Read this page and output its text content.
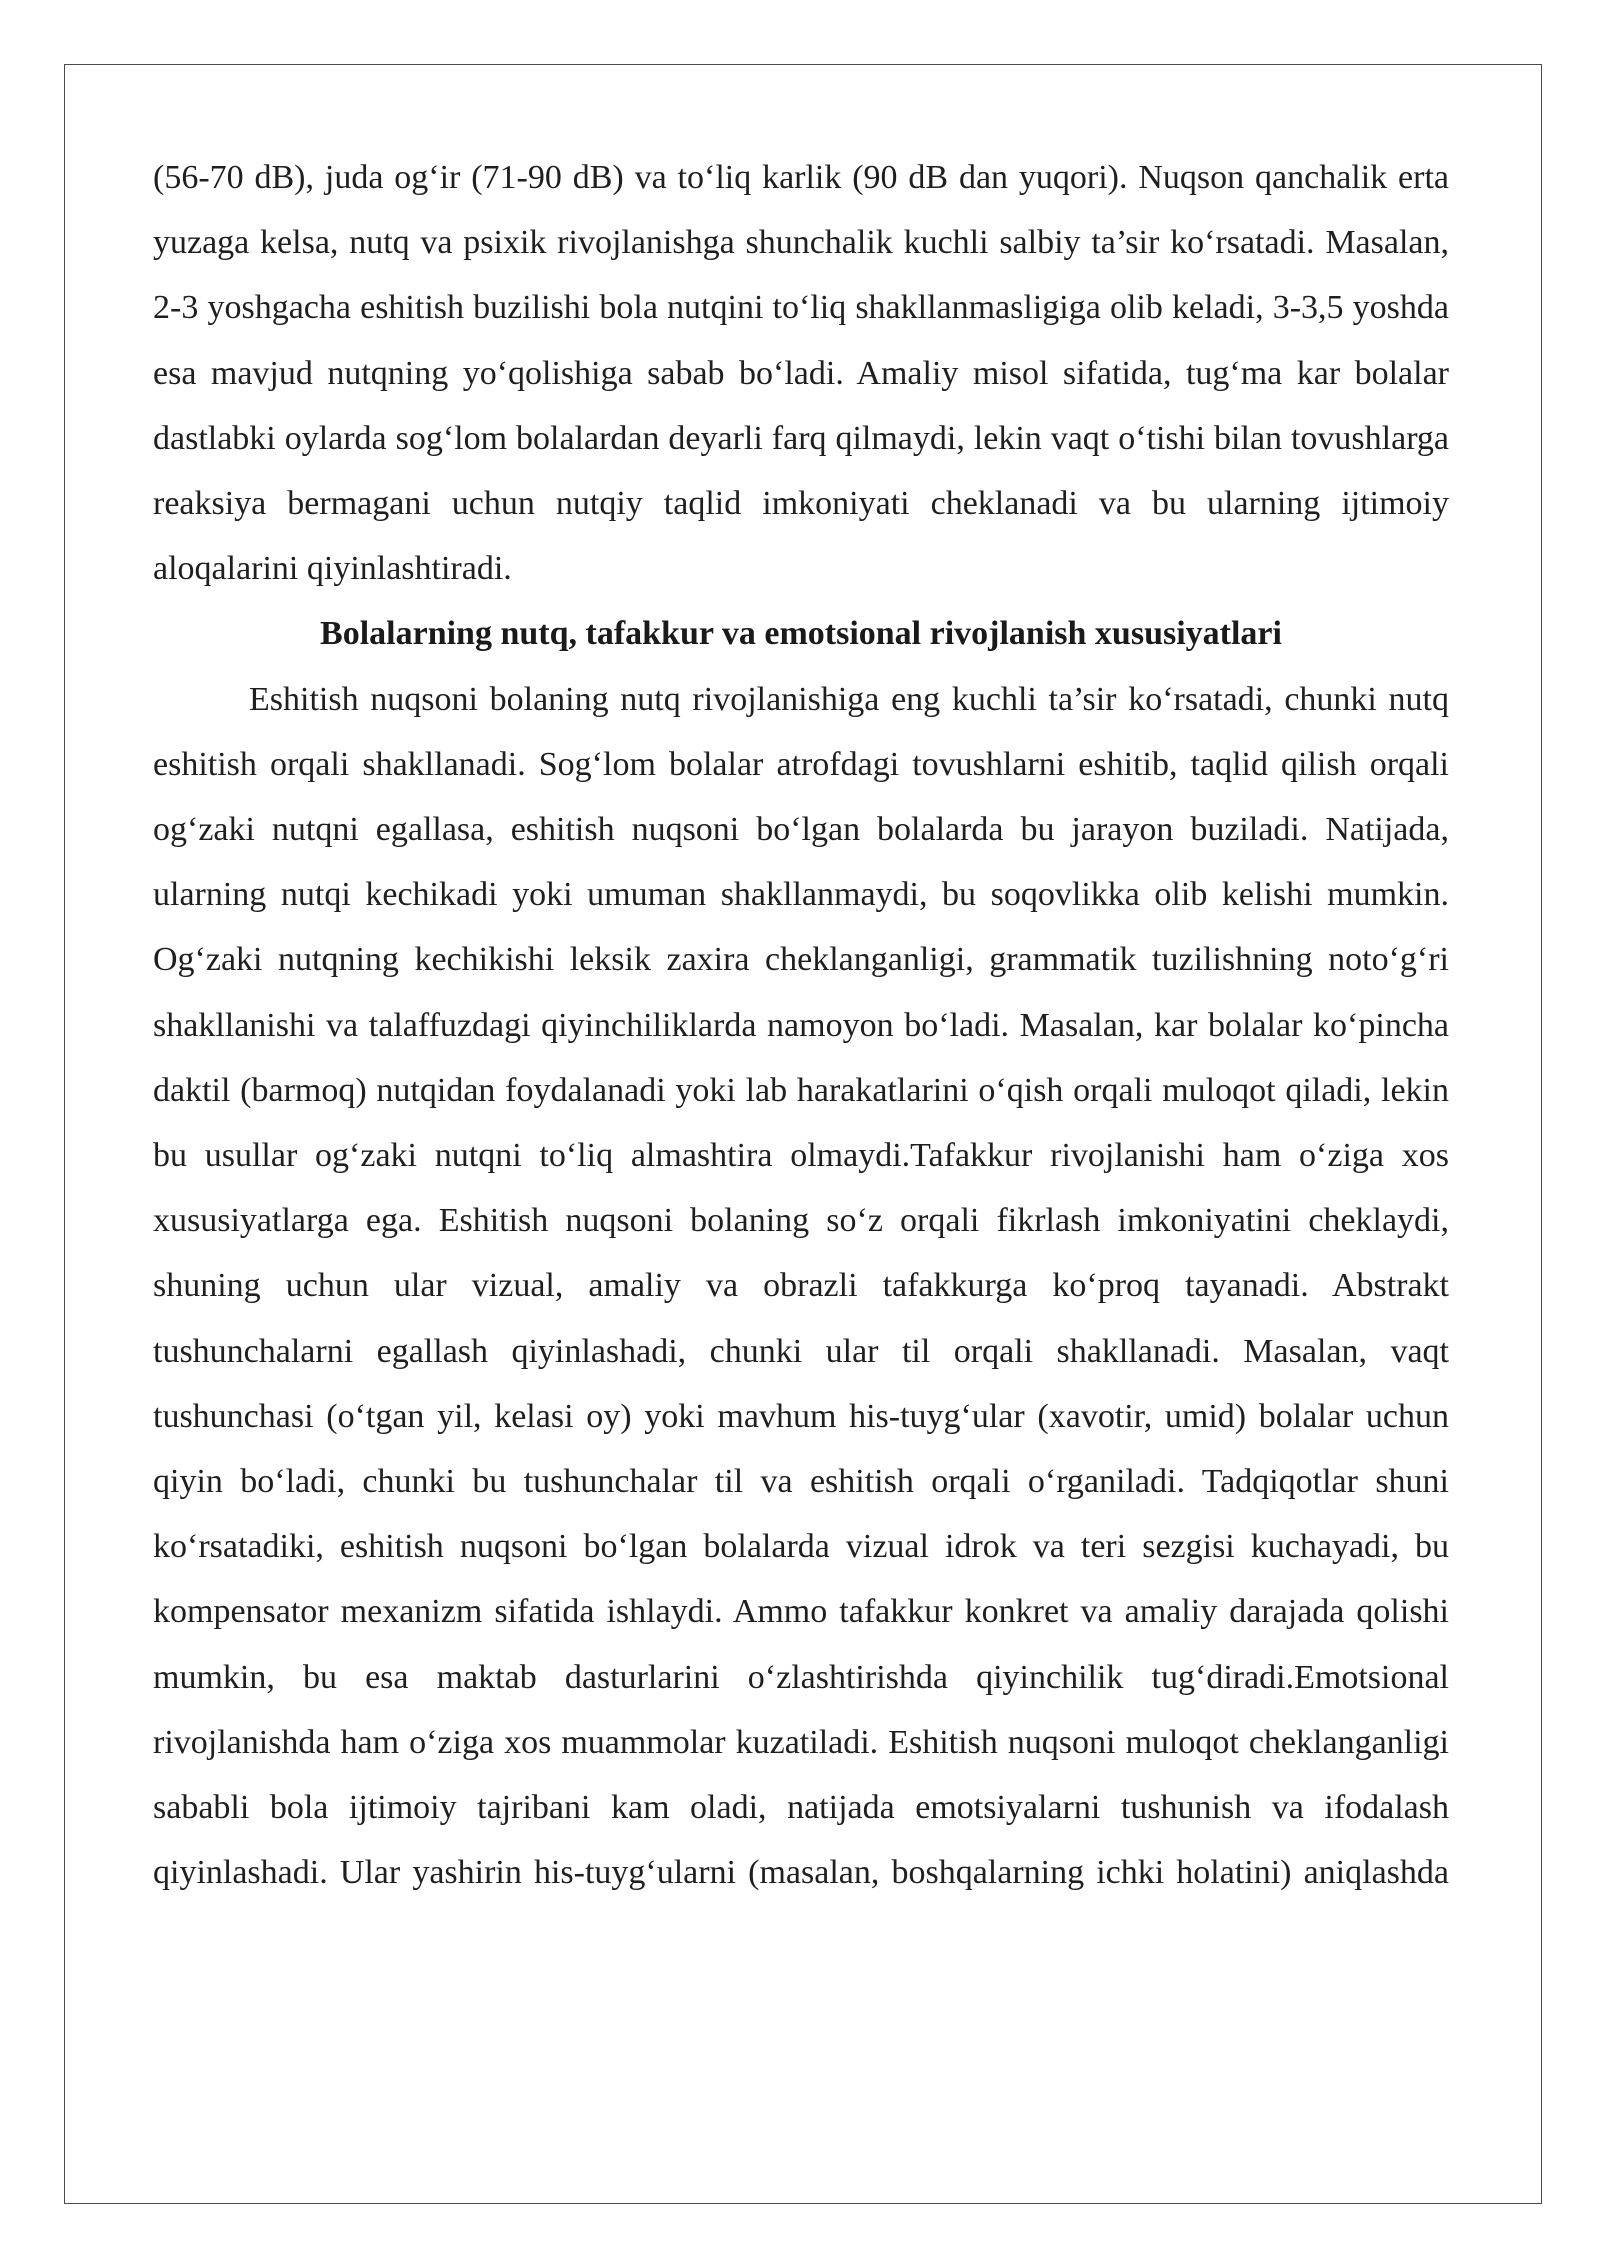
(56-70 dB), juda og‘ir (71-90 dB) va to‘liq karlik (90 dB dan yuqori). Nuqson qanchalik erta yuzaga kelsa, nutq va psixik rivojlanishga shunchalik kuchli salbiy ta’sir ko‘rsatadi. Masalan, 2-3 yoshgacha eshitish buzilishi bola nutqini to‘liq shakllanmasligiga olib keladi, 3-3,5 yoshda esa mavjud nutqning yo‘qolishiga sabab bo‘ladi. Amaliy misol sifatida, tug‘ma kar bolalar dastlabki oylarda sog‘lom bolalardan deyarli farq qilmaydi, lekin vaqt o‘tishi bilan tovushlarga reaksiya bermagani uchun nutqiy taqlid imkoniyati cheklanadi va bu ularning ijtimoiy aloqalarini qiyinlashtiradi.

Bolalarning nutq, tafakkur va emotsional rivojlanish xususiyatlari

Eshitish nuqsoni bolaning nutq rivojlanishiga eng kuchli ta’sir ko‘rsatadi, chunki nutq eshitish orqali shakllanadi. Sog‘lom bolalar atrofdagi tovushlarni eshitib, taqlid qilish orqali og‘zaki nutqni egallasa, eshitish nuqsoni bo‘lgan bolalarda bu jarayon buziladi. Natijada, ularning nutqi kechikadi yoki umuman shakllanmaydi, bu soqovlikka olib kelishi mumkin. Og‘zaki nutqning kechikishi leksik zaxira cheklanganligi, grammatik tuzilishning noto‘g‘ri shakllanishi va talaffuzdagi qiyinchiliklarda namoyon bo‘ladi. Masalan, kar bolalar ko‘pincha daktil (barmoq) nutqidan foydalanadi yoki lab harakatlarini o‘qish orqali muloqot qiladi, lekin bu usullar og‘zaki nutqni to‘liq almashtira olmaydi.Tafakkur rivojlanishi ham o‘ziga xos xususiyatlarga ega. Eshitish nuqsoni bolaning so‘z orqali fikrlash imkoniyatini cheklaydi, shuning uchun ular vizual, amaliy va obrazli tafakkurga ko‘proq tayanadi. Abstrakt tushunchalarni egallash qiyinlashadi, chunki ular til orqali shakllanadi. Masalan, vaqt tushunchasi (o‘tgan yil, kelasi oy) yoki mavhum his-tuyg‘ular (xavotir, umid) bolalar uchun qiyin bo‘ladi, chunki bu tushunchalar til va eshitish orqali o‘rganiladi. Tadqiqotlar shuni ko‘rsatadiki, eshitish nuqsoni bo‘lgan bolalarda vizual idrok va teri sezgisi kuchayadi, bu kompensator mexanizm sifatida ishlaydi. Ammo tafakkur konkret va amaliy darajada qolishi mumkin, bu esa maktab dasturlarini o‘zlashtirishda qiyinchilik tug‘diradi.Emotsional rivojlanishda ham o‘ziga xos muammolar kuzatiladi. Eshitish nuqsoni muloqot cheklanganligi sababli bola ijtimoiy tajribani kam oladi, natijada emotsiyalarni tushunish va ifodalash qiyinlashadi. Ular yashirin his-tuyg‘ularni (masalan, boshqalarning ichki holatini) aniqlashda
